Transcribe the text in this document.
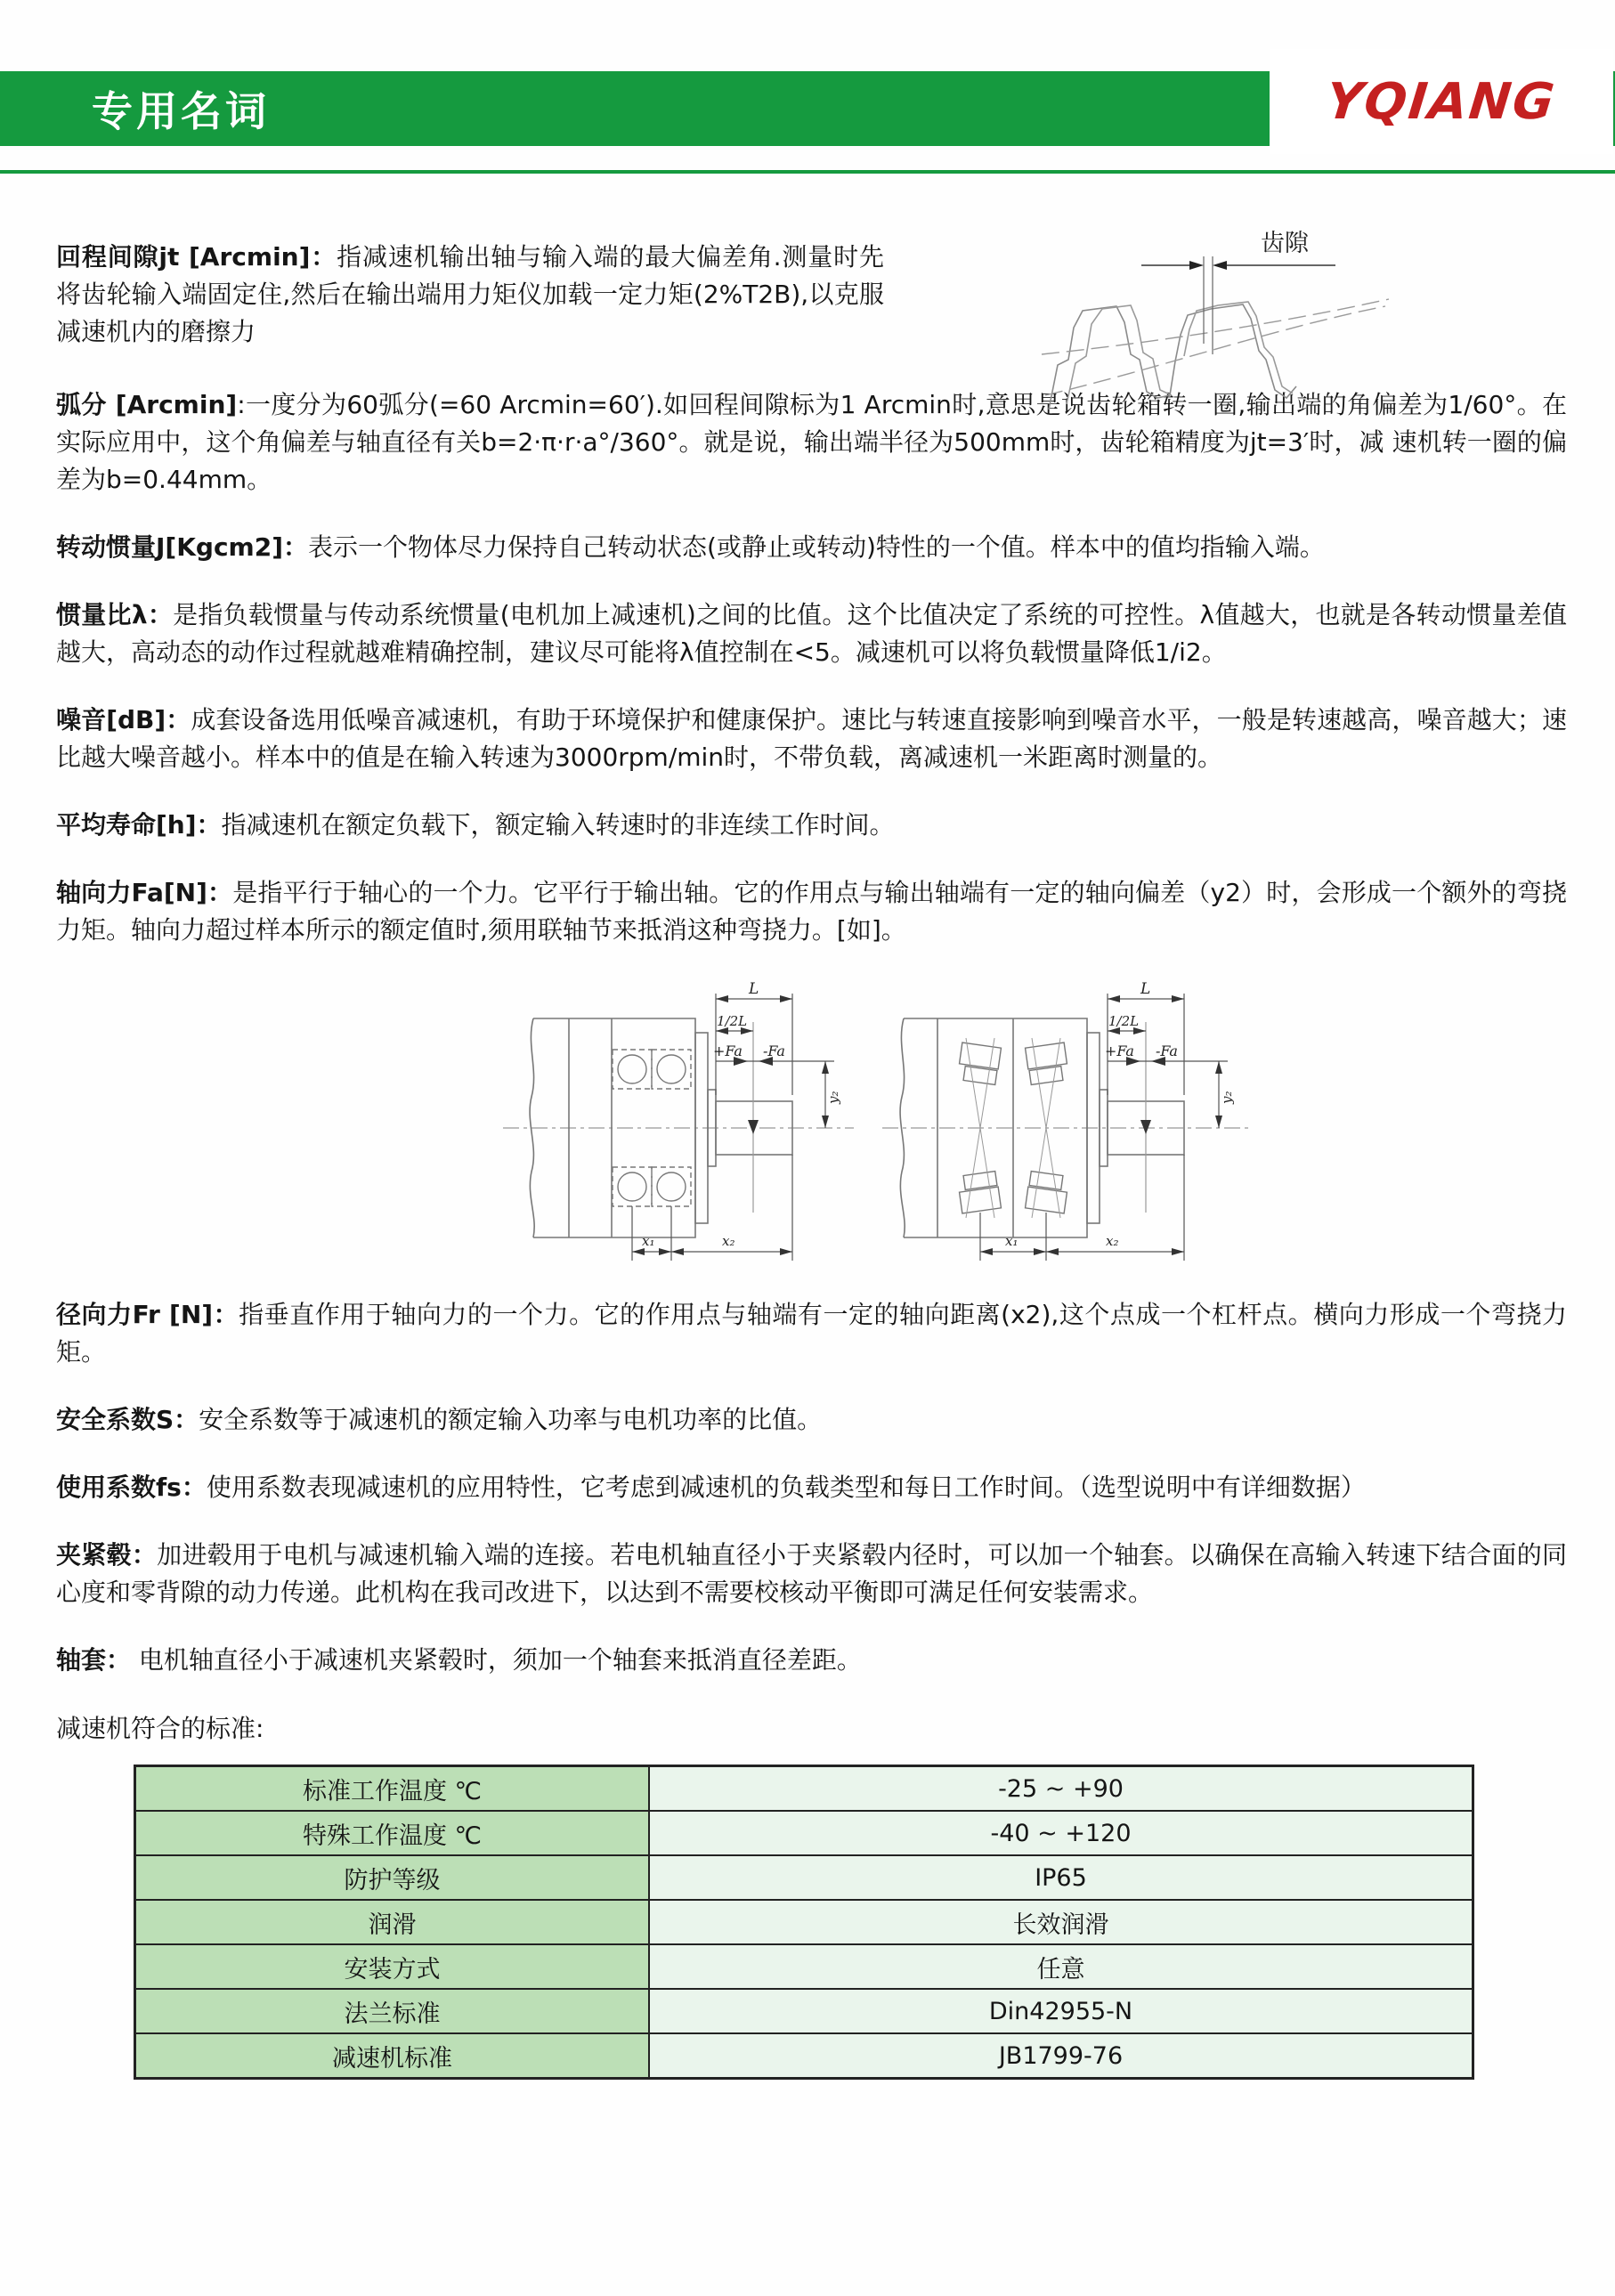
专用名词	YQIANG
齿隙

回程间隙jt [Arcmin]：指减速机输出轴与输入端的最大偏差角.测量时先将齿轮输入端固定住,然后在输出端用力矩仪加载一定力矩(2%T2B),以克服减速机内的磨擦力

弧分 [Arcmin]:一度分为60弧分(=60 Arcmin=60′).如回程间隙标为1 Arcmin时,意思是说齿轮箱转一圈,输出端的角偏差为1/60°。在实际应用中，这个角偏差与轴直径有关b=2·π·r·a°/360°。就是说，输出端半径为500mm时，齿轮箱精度为jt=3′时，减 速机转一圈的偏差为b=0.44mm。

转动惯量J[Kgcm2]：表示一个物体尽力保持自己转动状态(或静止或转动)特性的一个值。样本中的值均指输入端。

惯量比λ：是指负载惯量与传动系统惯量(电机加上减速机)之间的比值。这个比值决定了系统的可控性。λ值越大，也就是各转动惯量差值越大，高动态的动作过程就越难精确控制，建议尽可能将λ值控制在<5。减速机可以将负载惯量降低1/i2。

噪音[dB]：成套设备选用低噪音减速机，有助于环境保护和健康保护。速比与转速直接影响到噪音水平，一般是转速越高，噪音越大；速比越大噪音越小。样本中的值是在输入转速为3000rpm/min时，不带负载，离减速机一米距离时测量的。

平均寿命[h]：指减速机在额定负载下，额定输入转速时的非连续工作时间。

轴向力Fa[N]：是指平行于轴心的一个力。它平行于输出轴。它的作用点与输出轴端有一定的轴向偏差（y2）时，会形成一个额外的弯挠力矩。轴向力超过样本所示的额定值时,须用联轴节来抵消这种弯挠力。[如]。

L
1/2L
+Fa -Fa
y₂
x₁	x₂
L
1/2L
+Fa -Fa
y₂
x₁	x₂

径向力Fr [N]：指垂直作用于轴向力的一个力。它的作用点与轴端有一定的轴向距离(x2),这个点成一个杠杆点。横向力形成一个弯挠力矩。

安全系数S：安全系数等于减速机的额定输入功率与电机功率的比值。

使用系数fs：使用系数表现减速机的应用特性，它考虑到减速机的负载类型和每日工作时间。（选型说明中有详细数据）

夹紧毂：加进毂用于电机与减速机输入端的连接。若电机轴直径小于夹紧毂内径时，可以加一个轴套。以确保在高输入转速下结合面的同心度和零背隙的动力传递。此机构在我司改进下，以达到不需要校核动平衡即可满足任何安装需求。

轴套： 电机轴直径小于减速机夹紧毂时，须加一个轴套来抵消直径差距。

减速机符合的标准:

标准工作温度 ℃	-25 ~ +90
特殊工作温度 ℃	-40 ~ +120
防护等级	IP65
润滑	长效润滑
安装方式	任意
法兰标准	Din42955-N
减速机标准	JB1799-76
